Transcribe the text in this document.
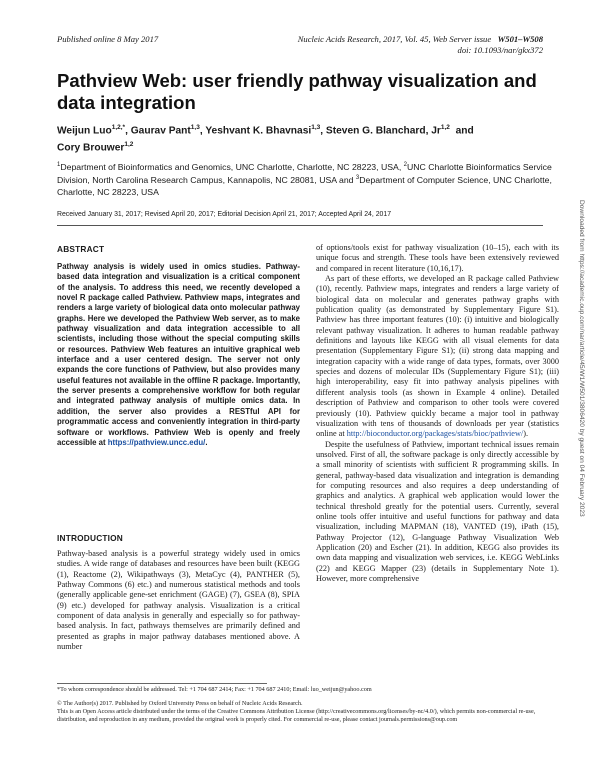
Published online 8 May 2017	Nucleic Acids Research, 2017, Vol. 45, Web Server issue W501–W508
doi: 10.1093/nar/gkx372
Pathview Web: user friendly pathway visualization and data integration
Weijun Luo$^{1,2,*}$, Gaurav Pant$^{1,3}$, Yeshvant K. Bhavnasi$^{1,3}$, Steven G. Blanchard, Jr$^{1,2}$ and
Cory Brouwer$^{1,2}$
$^1$Department of Bioinformatics and Genomics, UNC Charlotte, Charlotte, NC 28223, USA, $^2$UNC Charlotte Bioinformatics Service Division, North Carolina Research Campus, Kannapolis, NC 28081, USA and $^3$Department of Computer Science, UNC Charlotte, Charlotte, NC 28223, USA
Received January 31, 2017; Revised April 20, 2017; Editorial Decision April 21, 2017; Accepted April 24, 2017
ABSTRACT
Pathway analysis is widely used in omics studies. Pathway-based data integration and visualization is a critical component of the analysis. To address this need, we recently developed a novel R package called Pathview. Pathview maps, integrates and renders a large variety of biological data onto molecular pathway graphs. Here we developed the Pathview Web server, as to make pathway visualization and data integration accessible to all scientists, including those without the special computing skills or resources. Pathview Web features an intuitive graphical web interface and a user centered design. The server not only expands the core functions of Pathview, but also provides many useful features not available in the offline R package. Importantly, the server presents a comprehensive workflow for both regular and integrated pathway analysis of multiple omics data. In addition, the server also provides a RESTful API for programmatic access and conveniently integration in third-party software or workflows. Pathview Web is openly and freely accessible at https://pathview.uncc.edu/.
INTRODUCTION

Pathway-based analysis is a powerful strategy widely used in omics studies. A wide range of databases and resources have been built (KEGG (1), Reactome (2), Wikipathways (3), MetaCyc (4), PANTHER (5), Pathway Commons (6) etc.) and numerous statistical methods and tools (generally applicable gene-set enrichment (GAGE) (7), GSEA (8), SPIA (9) etc.) developed for pathway analysis. Visualization is a critical component of data analysis in generally and especially so for pathway-based analysis. In fact, pathways themselves are primarily defined and presented as graphs in major pathway databases mentioned above. A number

of options/tools exist for pathway visualization (10–15), each with its unique focus and strength. These tools have been extensively reviewed and compared in recent literature (10,16,17).

As part of these efforts, we developed an R package called Pathview (10), recently. Pathview maps, integrates and renders a large variety of biological data on molecular and generates pathway graphs with publication quality (as demonstrated by Supplementary Figure S1). Pathview has three important features (10): (i) intuitive and biologically relevant pathway visualization. It adheres to human readable pathway definitions and layouts like KEGG with all visual elements for data presentation (Supplementary Figure S1); (ii) strong data mapping and integration capacity with a wide range of data types, formats, over 3000 species and dozens of molecular IDs (Supplementary Figure S1); (iii) high interoperability, easy fit into pathway analysis pipelines with different analysis tools (as shown in Example 4 online). Detailed description of Pathview and comparison to other tools were covered previously (10). Pathview quickly became a major tool in pathway visualization with tens of thousands of downloads per year (statistics online at http://bioconductor.org/packages/stats/bioc/pathview/).

Despite the usefulness of Pathview, important technical issues remain unsolved. First of all, the software package is only directly accessible by a small minority of scientists with sufficient R programming skills. In general, pathway-based data visualization and integration is demanding for computing resources and also requires a deep understanding of graphics and analytics. A graphical web application would lower the technical threshold greatly for the potential users. Currently, several online tools offer intuitive and useful functions for pathway and data visualization, including MAPMAN (18), VANTED (19), iPath (15), Pathway Projector (12), G-language Pathway Visualization Web Application (20) and Escher (21). In addition, KEGG also provides its own data mapping and visualization web services, i.e. KEGG WebLinks (22) and KEGG Mapper (23) (details in Supplementary Note 1). However, more comprehensive

*To whom correspondence should be addressed. Tel: +1 704 687 2414; Fax: +1 704 687 2410; Email: luo_weijun@yahoo.com
© The Author(s) 2017. Published by Oxford University Press on behalf of Nucleic Acids Research.
This is an Open Access article distributed under the terms of the Creative Commons Attribution License (http://creativecommons.org/licenses/by-nc/4.0/), which permits non-commercial re-use, distribution, and reproduction in any medium, provided the original work is properly cited. For commercial re-use, please contact journals.permissions@oup.com
Downloaded from https://academic.oup.com/nar/article/45/W1/W501/3806420 by guest on 04 February 2023
